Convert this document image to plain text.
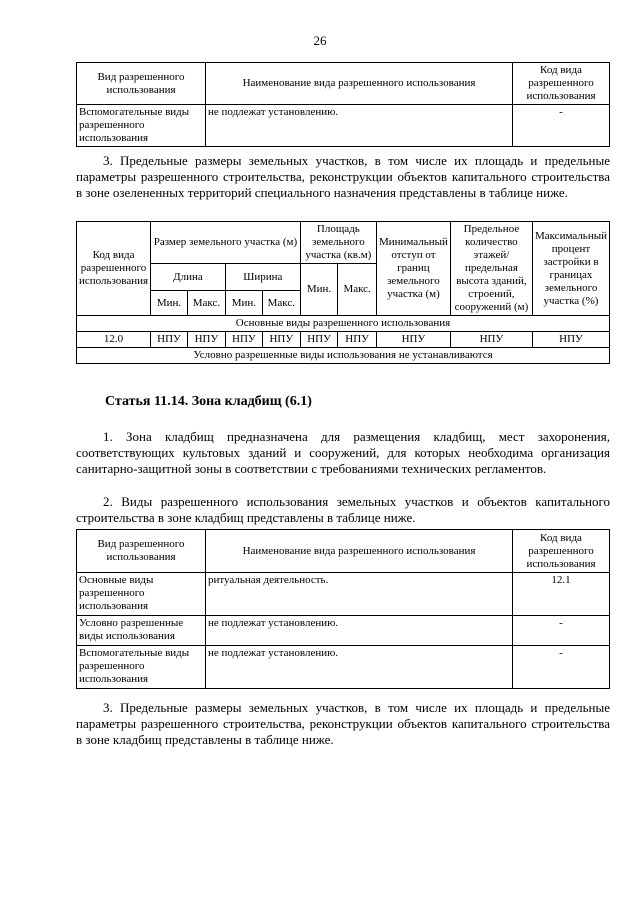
26
Вид разрешенного использования	Наименование вида разрешенного использования	Код вида разрешенного использования
Вспомогательные виды разрешенного использования	не подлежат установлению.	-

3. Предельные размеры земельных участков, в том числе их площадь и предельные параметры разрешенного строительства, реконструкции объектов капитального строительства в зоне озелененных территорий специального назначения представлены в таблице ниже.

Код вида разрешенного использования	Размер земельного участка (м)				Площадь земельного участка (кв.м)		Минимальный отступ от границ земельного участка (м)	Предельное количество этажей/ предельная высота зданий, строений, сооружений (м)	Максимальный процент застройки в границах земельного участка (%)
	Длина		Ширина		Мин.	Макс.			
	Мин.	Макс.	Мин.	Макс.					
Основные виды разрешенного использования									
12.0	НПУ	НПУ	НПУ	НПУ	НПУ	НПУ	НПУ	НПУ	НПУ
Условно разрешенные виды использования не устанавливаются									

Статья 11.14. Зона кладбищ (6.1)

1. Зона кладбищ предназначена для размещения кладбищ, мест захоронения, соответствующих культовых зданий и сооружений, для которых необходима организация санитарно-защитной зоны в соответствии с требованиями технических регламентов.

2. Виды разрешенного использования земельных участков и объектов капитального строительства в зоне кладбищ представлены в таблице ниже.

Вид разрешенного использования	Наименование вида разрешенного использования	Код вида разрешенного использования
Основные виды разрешенного использования	ритуальная деятельность.	12.1
Условно разрешенные виды использования	не подлежат установлению.	-
Вспомогательные виды разрешенного использования	не подлежат установлению.	-

3. Предельные размеры земельных участков, в том числе их площадь и предельные параметры разрешенного строительства, реконструкции объектов капитального строительства в зоне кладбищ представлены в таблице ниже.
